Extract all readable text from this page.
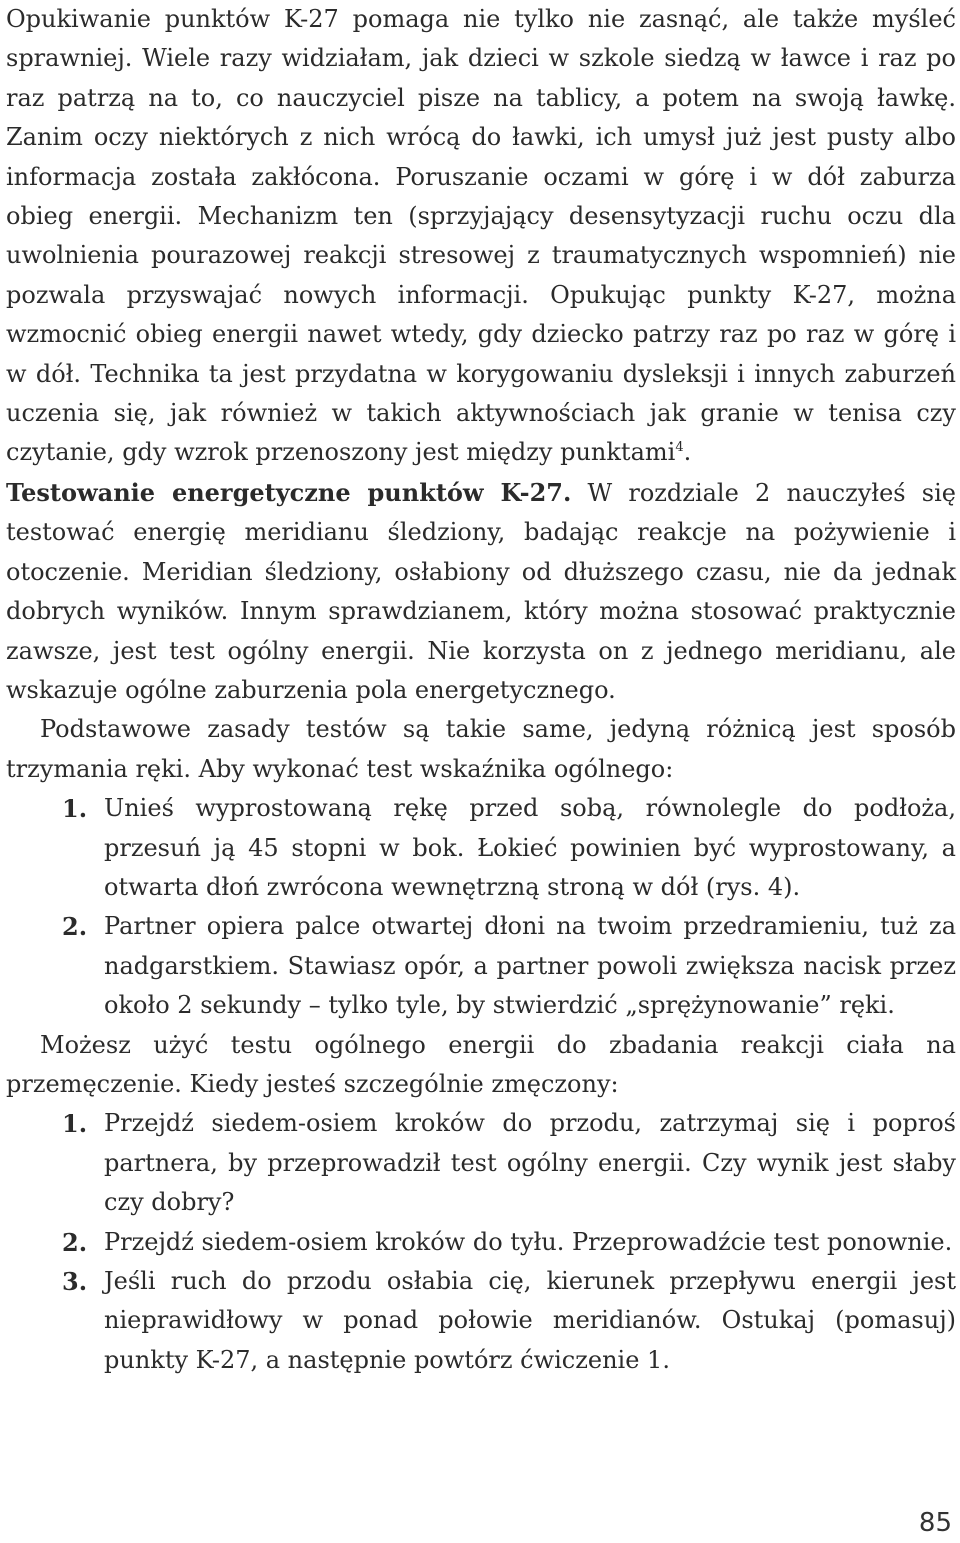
Opukiwanie punktów K-27 pomaga nie tylko nie zasnąć, ale także myśleć sprawniej. Wiele razy widziałam, jak dzieci w szkole siedzą w ławce i raz po raz patrzą na to, co nauczyciel pisze na tablicy, a potem na swoją ławkę. Zanim oczy niektórych z nich wrócą do ławki, ich umysł już jest pusty albo informacja została zakłócona. Poruszanie oczami w górę i w dół zaburza obieg energii. Mechanizm ten (sprzyjający desensytyzacji ruchu oczu dla uwolnienia pourazowej reakcji stresowej z traumatycznych wspomnień) nie pozwala przyswajać nowych informacji. Opukując punkty K-27, można wzmocnić obieg energii nawet wtedy, gdy dziecko patrzy raz po raz w górę i w dół. Technika ta jest przydatna w korygowaniu dysleksji i innych zaburzeń uczenia się, jak również w takich aktywnościach jak granie w tenisa czy czytanie, gdy wzrok przenoszony jest między punktami$^4$.

Testowanie energetyczne punktów K-27. W rozdziale 2 nauczyłeś się testować energię meridianu śledziony, badając reakcje na pożywienie i otoczenie. Meridian śledziony, osłabiony od dłuższego czasu, nie da jednak dobrych wyników. Innym sprawdzianem, który można stosować praktycznie zawsze, jest test ogólny energii. Nie korzysta on z jednego meridianu, ale wskazuje ogólne zaburzenia pola energetycznego.

Podstawowe zasady testów są takie same, jedyną różnicą jest sposób trzymania ręki. Aby wykonać test wskaźnika ogólnego:

1. Unieś wyprostowaną rękę przed sobą, równolegle do podłoża, przesuń ją 45 stopni w bok. Łokieć powinien być wyprostowany, a otwarta dłoń zwrócona wewnętrzną stroną w dół (rys. 4).
2. Partner opiera palce otwartej dłoni na twoim przedramieniu, tuż za nadgarstkiem. Stawiasz opór, a partner powoli zwiększa nacisk przez około 2 sekundy – tylko tyle, by stwierdzić „sprężynowanie” ręki.

Możesz użyć testu ogólnego energii do zbadania reakcji ciała na przemęczenie. Kiedy jesteś szczególnie zmęczony:

1. Przejdź siedem-osiem kroków do przodu, zatrzymaj się i poproś partnera, by przeprowadził test ogólny energii. Czy wynik jest słaby czy dobry?
2. Przejdź siedem-osiem kroków do tyłu. Przeprowadźcie test ponownie.
3. Jeśli ruch do przodu osłabia cię, kierunek przepływu energii jest nieprawidłowy w ponad połowie meridianów. Ostukaj (pomasuj) punkty K-27, a następnie powtórz ćwiczenie 1.
85
